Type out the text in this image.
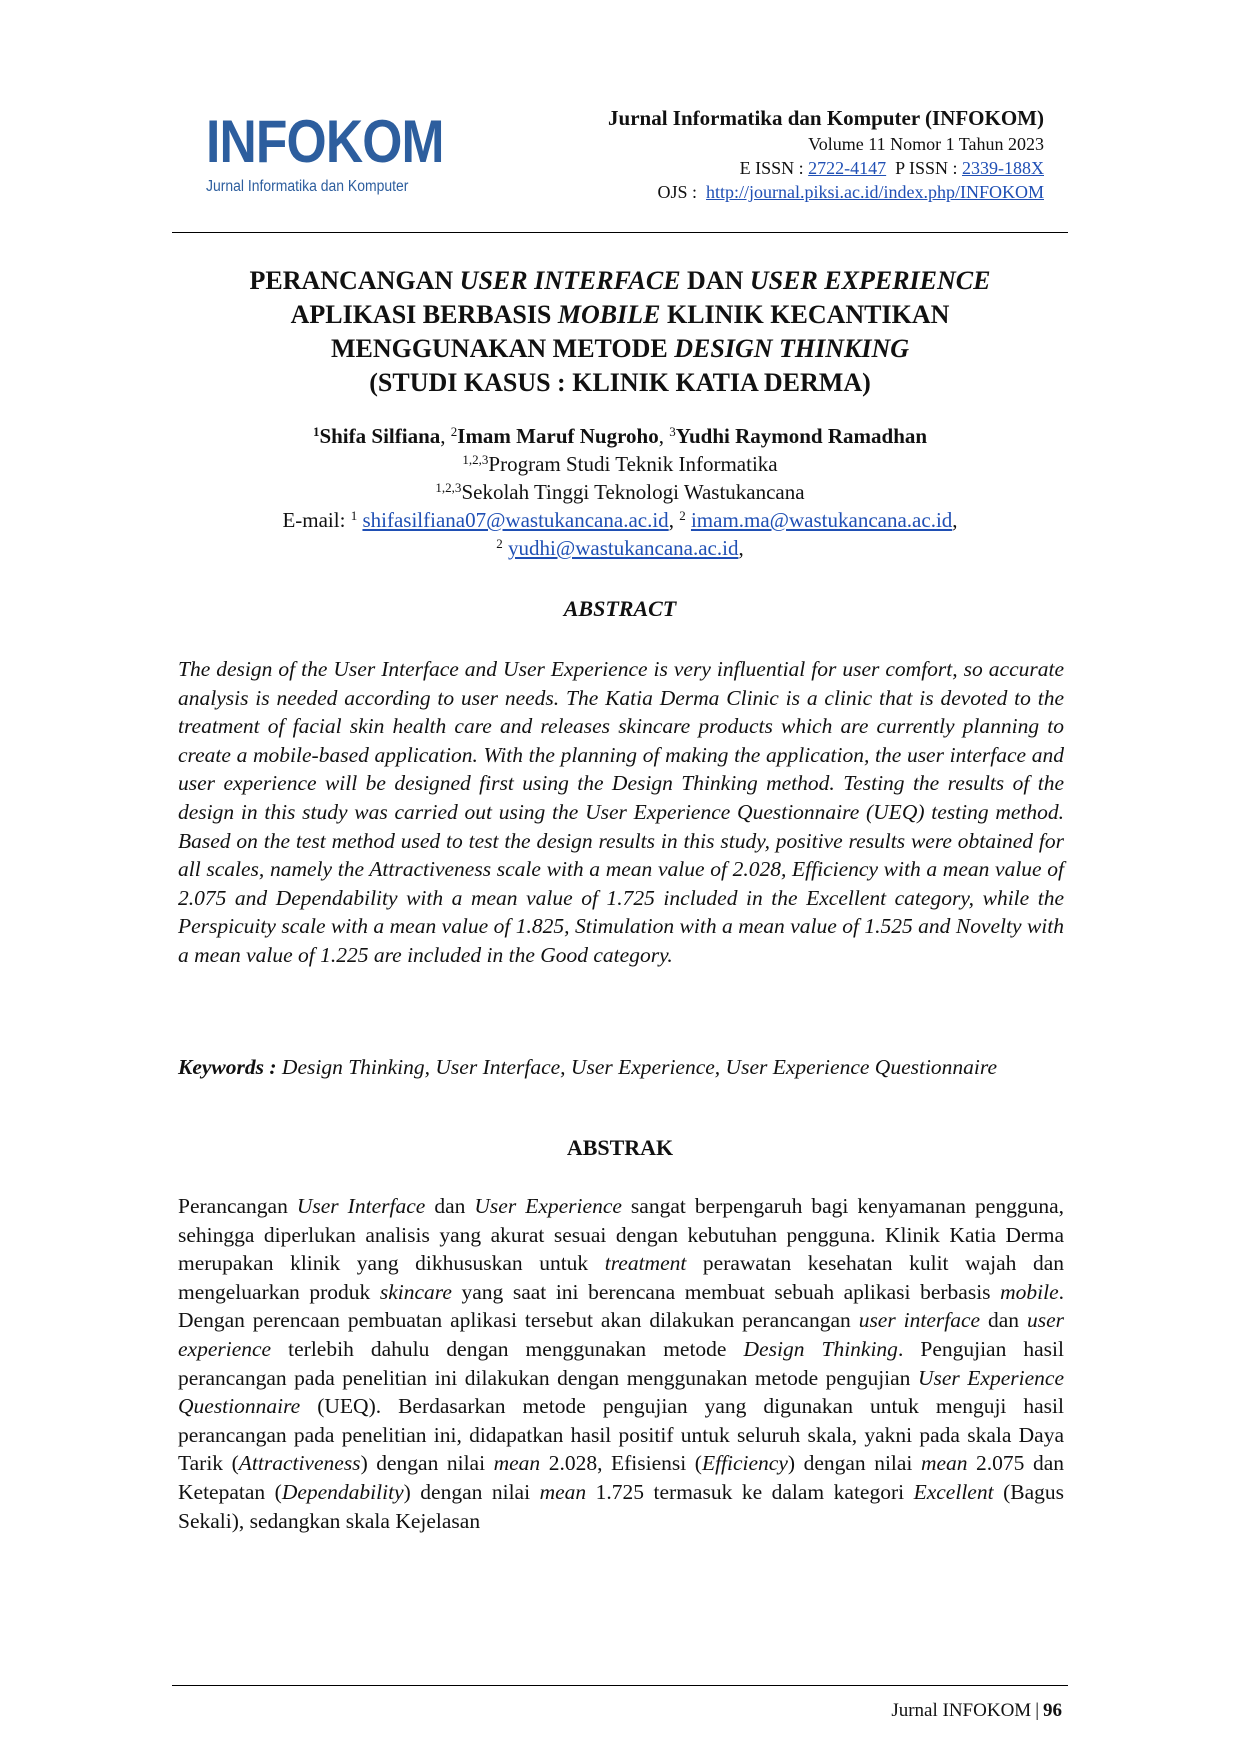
INFOKOM
Jurnal Informatika dan Komputer
Jurnal Informatika dan Komputer (INFOKOM)
Volume 11 Nomor 1 Tahun 2023
E ISSN : 2722-4147 P ISSN : 2339-188X
OJS : http://journal.piksi.ac.id/index.php/INFOKOM
PERANCANGAN USER INTERFACE DAN USER EXPERIENCE
APLIKASI BERBASIS MOBILE KLINIK KECANTIKAN
MENGGUNAKAN METODE DESIGN THINKING
(STUDI KASUS : KLINIK KATIA DERMA)
$^1$Shifa Silfiana, $^2$Imam Maruf Nugroho, $^3$Yudhi Raymond Ramadhan
$^{1,2,3}$Program Studi Teknik Informatika
$^{1,2,3}$Sekolah Tinggi Teknologi Wastukancana
E-mail: $^1$ shifasilfiana07@wastukancana.ac.id, $^2$ imam.ma@wastukancana.ac.id,
$^2$ yudhi@wastukancana.ac.id,
ABSTRACT
The design of the User Interface and User Experience is very influential for user comfort, so accurate analysis is needed according to user needs. The Katia Derma Clinic is a clinic that is devoted to the treatment of facial skin health care and releases skincare products which are currently planning to create a mobile-based application. With the planning of making the application, the user interface and user experience will be designed first using the Design Thinking method. Testing the results of the design in this study was carried out using the User Experience Questionnaire (UEQ) testing method. Based on the test method used to test the design results in this study, positive results were obtained for all scales, namely the Attractiveness scale with a mean value of 2.028, Efficiency with a mean value of 2.075 and Dependability with a mean value of 1.725 included in the Excellent category, while the Perspicuity scale with a mean value of 1.825, Stimulation with a mean value of 1.525 and Novelty with a mean value of 1.225 are included in the Good category.
Keywords : Design Thinking, User Interface, User Experience, User Experience Questionnaire
ABSTRAK
Perancangan User Interface dan User Experience sangat berpengaruh bagi kenyamanan pengguna, sehingga diperlukan analisis yang akurat sesuai dengan kebutuhan pengguna. Klinik Katia Derma merupakan klinik yang dikhususkan untuk treatment perawatan kesehatan kulit wajah dan mengeluarkan produk skincare yang saat ini berencana membuat sebuah aplikasi berbasis mobile. Dengan perencaan pembuatan aplikasi tersebut akan dilakukan perancangan user interface dan user experience terlebih dahulu dengan menggunakan metode Design Thinking. Pengujian hasil perancangan pada penelitian ini dilakukan dengan menggunakan metode pengujian User Experience Questionnaire (UEQ). Berdasarkan metode pengujian yang digunakan untuk menguji hasil perancangan pada penelitian ini, didapatkan hasil positif untuk seluruh skala, yakni pada skala Daya Tarik (Attractiveness) dengan nilai mean 2.028, Efisiensi (Efficiency) dengan nilai mean 2.075 dan Ketepatan (Dependability) dengan nilai mean 1.725 termasuk ke dalam kategori Excellent (Bagus Sekali), sedangkan skala Kejelasan
Jurnal INFOKOM | 96
